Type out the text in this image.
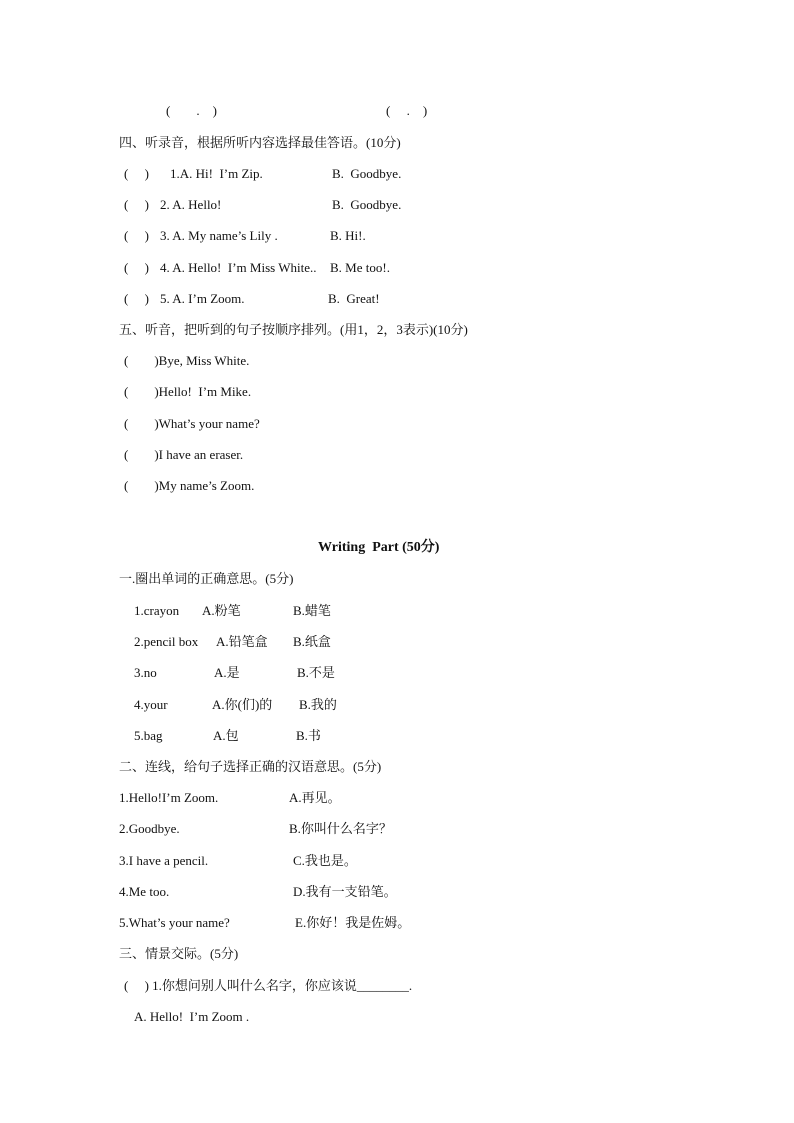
(　　.　)	(　 .　)
四、听录音，根据所听内容选择最佳答语。(10分)
(　 ) 1.A. Hi!  I’m Zip.	B.  Goodbye.
(　 ) 2. A. Hello!	B.  Goodbye.
(　 ) 3. A. My name’s Lily .	B. Hi!.
(　 ) 4. A. Hello!  I’m Miss White.. B. Me too!.
(　 ) 5. A. I’m Zoom.	B.  Great!
五、听音，把听到的句子按顺序排列。(用1，2，3表示)(10分)
(　　)Bye, Miss White.
(　　)Hello!  I’m Mike.
(　　)What’s your name?
(　　)I have an eraser.
(　　)My name’s Zoom.
Writing  Part (50分)
一.圈出单词的正确意思。(5分)
1.crayon A.粉笔	B.蜡笔
2.pencil box A.铅笔盒 B.纸盒
3.no	A.是	B.不是
4.your	A.你(们)的 B.我的
5.bag	A.包	B.书
二、连线，给句子选择正确的汉语意思。(5分)
1.Hello!I’m Zoom.	A.再见。
2.Goodbye.	B.你叫什么名字？
3.I have a pencil.	C.我也是。
4.Me too.	D.我有一支铅笔。
5.What’s your name?	E.你好！我是佐姆。
三、情景交际。(5分)
(　 ) 1.你想问别人叫什么名字，你应该说________.
A. Hello!  I’m Zoom .
